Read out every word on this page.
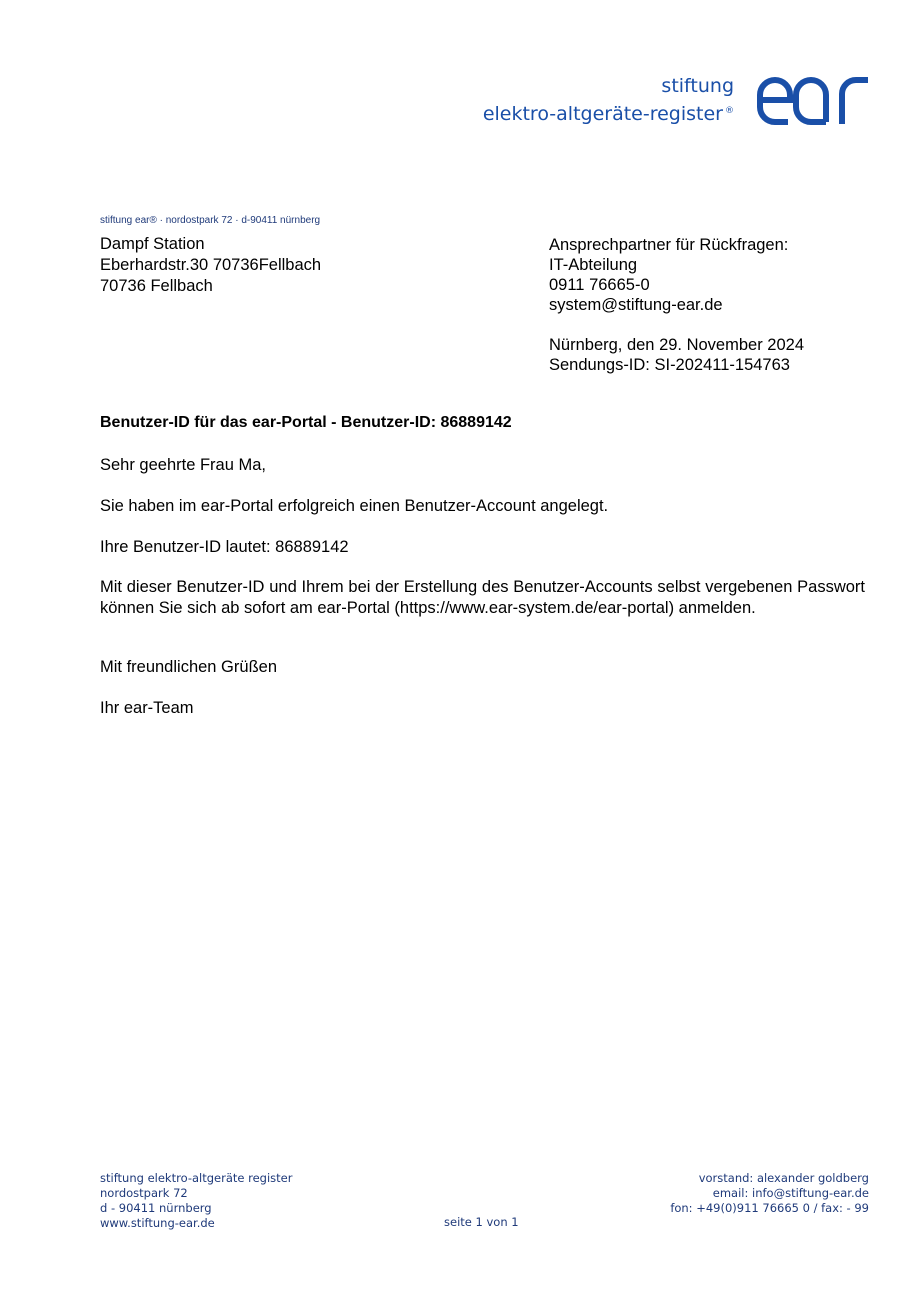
stiftung
elektro-altgeräte-register ®
stiftung ear® · nordostpark 72 · d-90411 nürnberg
Dampf Station
Eberhardstr.30 70736Fellbach
70736 Fellbach
Ansprechpartner für Rückfragen:
IT-Abteilung
0911 76665-0
system@stiftung-ear.de
Nürnberg, den 29. November 2024
Sendungs-ID: SI-202411-154763
Benutzer-ID für das ear-Portal - Benutzer-ID: 86889142
Sehr geehrte Frau Ma,
Sie haben im ear-Portal erfolgreich einen Benutzer-Account angelegt.
Ihre Benutzer-ID lautet: 86889142
Mit dieser Benutzer-ID und Ihrem bei der Erstellung des Benutzer-Accounts selbst vergebenen Passwort können Sie sich ab sofort am ear-Portal (https://www.ear-system.de/ear-portal) anmelden.
Mit freundlichen Grüßen
Ihr ear-Team
stiftung elektro-altgeräte register
nordostpark 72
d - 90411 nürnberg
www.stiftung-ear.de	seite 1 von 1
vorstand: alexander goldberg
email: info@stiftung-ear.de
fon: +49(0)911 76665 0 / fax: - 99
